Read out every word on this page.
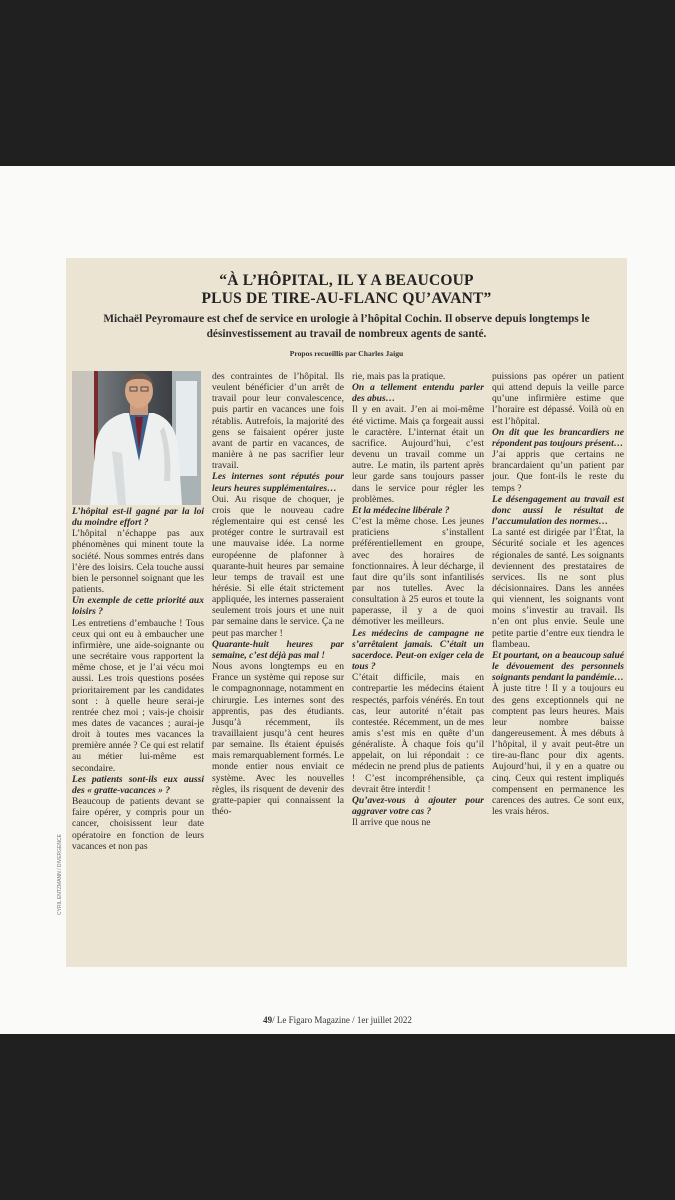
“À L’HÔPITAL, IL Y A BEAUCOUP
PLUS DE TIRE-AU-FLANC QU’AVANT”
Michaël Peyromaure est chef de service en urologie à l’hôpital Cochin. Il observe depuis longtemps le désinvestissement au travail de nombreux agents de santé.
Propos recueillis par Charles Jaigu

L’hôpital est-il gagné par la loi du moindre effort ?

L’hôpital n’échappe pas aux phénomènes qui minent toute la société. Nous sommes entrés dans l’ère des loisirs. Cela touche aussi bien le personnel soignant que les patients.

Un exemple de cette priorité aux loisirs ?

Les entretiens d’embauche ! Tous ceux qui ont eu à embaucher une infirmière, une aide-soignante ou une secrétaire vous rapportent la même chose, et je l’ai vécu moi aussi. Les trois questions posées prioritairement par les candidates sont : à quelle heure serai-je rentrée chez moi ; vais-je choisir mes dates de vacances ; aurai-je droit à toutes mes vacances la première année ? Ce qui est relatif au métier lui-même est secondaire.

Les patients sont-ils eux aussi des « gratte-vacances » ?

Beaucoup de patients devant se faire opérer, y compris pour un cancer, choisissent leur date opératoire en fonction de leurs vacances et non pas

des contraintes de l’hôpital. Ils veulent bénéficier d’un arrêt de travail pour leur convalescence, puis partir en vacances une fois rétablis. Autrefois, la majorité des gens se faisaient opérer juste avant de partir en vacances, de manière à ne pas sacrifier leur travail.

Les internes sont réputés pour leurs heures supplémentaires…

Oui. Au risque de choquer, je crois que le nouveau cadre réglementaire qui est censé les protéger contre le surtravail est une mauvaise idée. La norme européenne de plafonner à quarante-huit heures par semaine leur temps de travail est une hérésie. Si elle était strictement appliquée, les internes passeraient seulement trois jours et une nuit par semaine dans le service. Ça ne peut pas marcher !

Quarante-huit heures par semaine, c’est déjà pas mal !

Nous avons longtemps eu en France un système qui repose sur le compagnonnage, notamment en chirurgie. Les internes sont des apprentis, pas des étudiants. Jusqu’à récemment, ils travaillaient jusqu’à cent heures par semaine. Ils étaient épuisés mais remarquablement formés. Le monde entier nous enviait ce système. Avec les nouvelles règles, ils risquent de devenir des gratte-papier qui connaissent la théo-

rie, mais pas la pratique.

On a tellement entendu parler des abus…

Il y en avait. J’en ai moi-même été victime. Mais ça forgeait aussi le caractère. L’internat était un sacrifice. Aujourd’hui, c’est devenu un travail comme un autre. Le matin, ils partent après leur garde sans toujours passer dans le service pour régler les problèmes.

Et la médecine libérale ?

C’est la même chose. Les jeunes praticiens s’installent préférentiellement en groupe, avec des horaires de fonctionnaires. À leur décharge, il faut dire qu’ils sont infantilisés par nos tutelles. Avec la consultation à 25 euros et toute la paperasse, il y a de quoi démotiver les meilleurs.

Les médecins de campagne ne s’arrêtaient jamais. C’était un sacerdoce. Peut-on exiger cela de tous ?

C’était difficile, mais en contrepartie les médecins étaient respectés, parfois vénérés. En tout cas, leur autorité n’était pas contestée. Récemment, un de mes amis s’est mis en quête d’un généraliste. À chaque fois qu’il appelait, on lui répondait : ce médecin ne prend plus de patients ! C’est incompréhensible, ça devrait être interdit !

Qu’avez-vous à ajouter pour aggraver votre cas ?

Il arrive que nous ne

puissions pas opérer un patient qui attend depuis la veille parce qu’une infirmière estime que l’horaire est dépassé. Voilà où en est l’hôpital.

On dit que les brancardiers ne répondent pas toujours présent…

J’ai appris que certains ne brancardaient qu’un patient par jour. Que font-ils le reste du temps ?

Le désengagement au travail est donc aussi le résultat de l’accumulation des normes…

La santé est dirigée par l’État, la Sécurité sociale et les agences régionales de santé. Les soignants deviennent des prestataires de services. Ils ne sont plus décisionnaires. Dans les années qui viennent, les soignants vont moins s’investir au travail. Ils n’en ont plus envie. Seule une petite partie d’entre eux tiendra le flambeau.

Et pourtant, on a beaucoup salué le dévouement des personnels soignants pendant la pandémie…

À juste titre ! Il y a toujours eu des gens exceptionnels qui ne comptent pas leurs heures. Mais leur nombre baisse dangereusement. À mes débuts à l’hôpital, il y avait peut-être un tire-au-flanc pour dix agents. Aujourd’hui, il y en a quatre ou cinq. Ceux qui restent impliqués compensent en permanence les carences des autres. Ce sont eux, les vrais héros.

CYRIL ENTZMANN / DIVERGENCE
49/ Le Figaro Magazine / 1er juillet 2022
